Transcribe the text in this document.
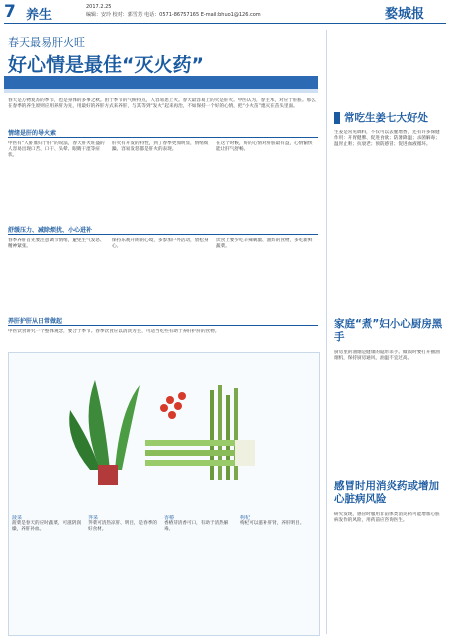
7 养生
2017.2.25
编辑：安玲 校对：郭雪芳 电话：0571-86757165 E-mail:bhuo1@126.com	婺城报
春天最易肝火旺
好心情是最佳“灭火药”
春天是万物复苏的季节，也是身体的多事之秋。由于季节的气候特点，人容易患上火。春天最容易上的火是肝火。中医认为，春主木，对应于肝脏。那么在春季的养生原则应用养肝为先，用最好的养肝方式来养肝，与其等到“发火”起来再治，不如保持一个好的心情，把“小火苗”熄灭在苗头里面。
情绪是肝的导火索
中医有“人卧血归于肝”的说法，春天肝火旺盛的人容易出现口苦、口干、头晕、眼睛干涩等症状。
肝火有升发的特性，到了春季更加明显，情绪烦躁、容易发怒都是肝火的表现。
在这个时候，好的心情对肝脏最有益，心情愉快能让肝气舒畅。
舒缓压力、减除烦扰、小心进补
春季养肝首先要注意调节情绪，避免生气发怒、精神紧张。
保持乐观开朗的心境，多参加户外活动，放松身心。
饮食上要少吃辛辣刺激、油炸的食物，多吃新鲜蔬菜。
养肝护肝从日常做起
中医饮食讲究一个整体观念，要合于季节。春季饮食应以清淡为主，可适当吃些有助于养肝护肝的食物。
菠菜
菠菜是春天的应时蔬菜，可滋阴润燥，养肝补血。
荠菜
荠菜可清热凉肝、明目，是春季的好食材。
香椿
香椿芽清香可口，有助于清热解毒。
枸杞
枸杞可以滋补肝肾，养肝明目。
常吃生姜七大好处
生姜是常见调料，不仅可以去腥增香，还有许多保健作用：开胃健脾、促进食欲；防暑降温；杀菌解毒；温胃止呕；抗衰老；预防感冒；促进血液循环。
家庭“煮”妇小心厨房黑手
厨房里的油烟是健康的隐形杀手。做饭时要打开抽油烟机，保持厨房通风，油温不宜过高。
感冒时用消炎药或增加心脏病风险
研究发现，感冒时服用非甾体类消炎药可能增加心脏病发作的风险，用药前应咨询医生。
